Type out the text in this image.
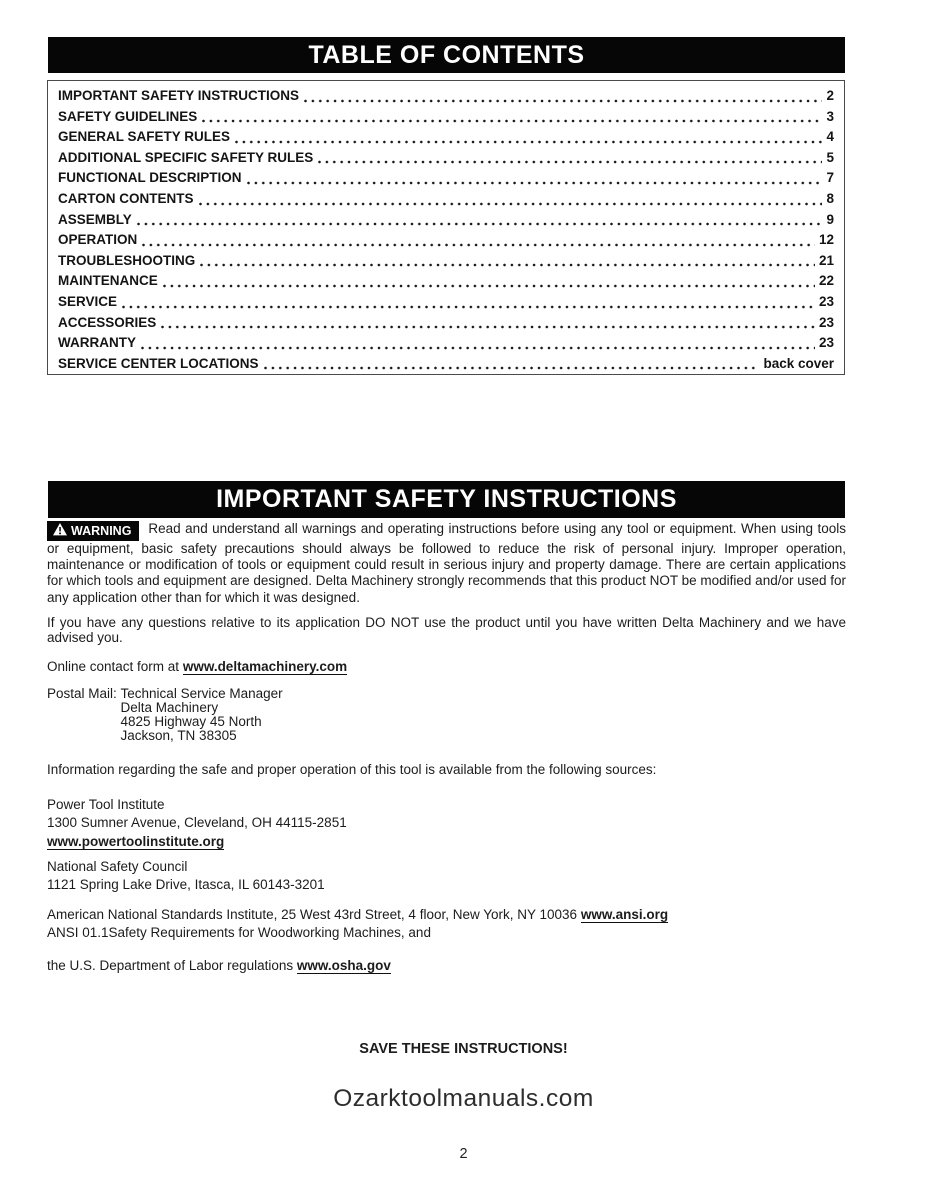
TABLE OF CONTENTS
IMPORTANT SAFETY INSTRUCTIONS	2
SAFETY GUIDELINES	3
GENERAL SAFETY RULES	4
ADDITIONAL SPECIFIC SAFETY RULES	5
FUNCTIONAL DESCRIPTION	7
CARTON CONTENTS	8
ASSEMBLY	9
OPERATION	12
TROUBLESHOOTING	21
MAINTENANCE	22
SERVICE	23
ACCESSORIES	23
WARRANTY	23
SERVICE CENTER LOCATIONS	back cover
IMPORTANT SAFETY INSTRUCTIONS

WARNING Read and understand all warnings and operating instructions before using any tool or equipment. When using tools or equipment, basic safety precautions should always be followed to reduce the risk of personal injury. Improper operation, maintenance or modification of tools or equipment could result in serious injury and property damage. There are certain applications for which tools and equipment are designed. Delta Machinery strongly recommends that this product NOT be modified and/or used for any application other than for which it was designed.

If you have any questions relative to its application DO NOT use the product until you have written Delta Machinery and we have advised you.

Online contact form at www.deltamachinery.com
Postal Mail: Technical Service Manager
Delta Machinery
4825 Highway 45 North
Jackson, TN 38305
Information regarding the safe and proper operation of this tool is available from the following sources:
Power Tool Institute
1300 Sumner Avenue, Cleveland, OH 44115-2851
www.powertoolinstitute.org
National Safety Council
1121 Spring Lake Drive, Itasca, IL 60143-3201
American National Standards Institute, 25 West 43rd Street, 4 floor, New York, NY 10036 www.ansi.org
ANSI 01.1Safety Requirements for Woodworking Machines, and
the U.S. Department of Labor regulations www.osha.gov
SAVE THESE INSTRUCTIONS!
Ozarktoolmanuals.com
2
